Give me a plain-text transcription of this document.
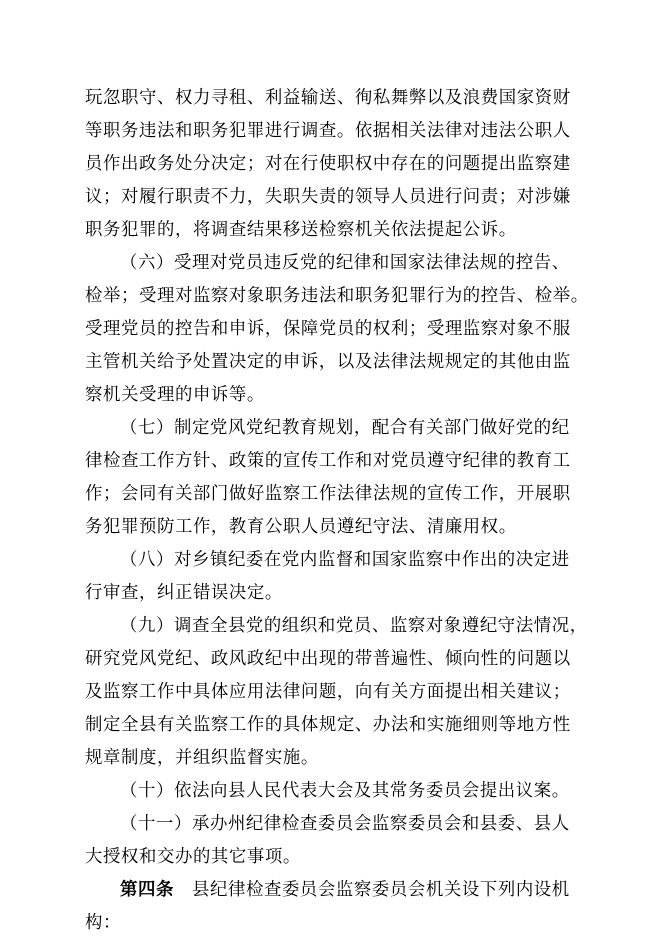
玩忽职守、权力寻租、利益输送、徇私舞弊以及浪费国家资财
等职务违法和职务犯罪进行调查。依据相关法律对违法公职人
员作出政务处分决定；对在行使职权中存在的问题提出监察建
议；对履行职责不力，失职失责的领导人员进行问责；对涉嫌
职务犯罪的，将调查结果移送检察机关依法提起公诉。
（六）受理对党员违反党的纪律和国家法律法规的控告、
检举；受理对监察对象职务违法和职务犯罪行为的控告、检举。
受理党员的控告和申诉，保障党员的权利；受理监察对象不服
主管机关给予处置决定的申诉，以及法律法规规定的其他由监
察机关受理的申诉等。
（七）制定党风党纪教育规划，配合有关部门做好党的纪
律检查工作方针、政策的宣传工作和对党员遵守纪律的教育工
作；会同有关部门做好监察工作法律法规的宣传工作，开展职
务犯罪预防工作，教育公职人员遵纪守法、清廉用权。
（八）对乡镇纪委在党内监督和国家监察中作出的决定进
行审查，纠正错误决定。
（九）调查全县党的组织和党员、监察对象遵纪守法情况，
研究党风党纪、政风政纪中出现的带普遍性、倾向性的问题以
及监察工作中具体应用法律问题，向有关方面提出相关建议；
制定全县有关监察工作的具体规定、办法和实施细则等地方性
规章制度，并组织监督实施。
（十）依法向县人民代表大会及其常务委员会提出议案。
（十一）承办州纪律检查委员会监察委员会和县委、县人
大授权和交办的其它事项。
第四条 县纪律检查委员会监察委员会机关设下列内设机
构：
